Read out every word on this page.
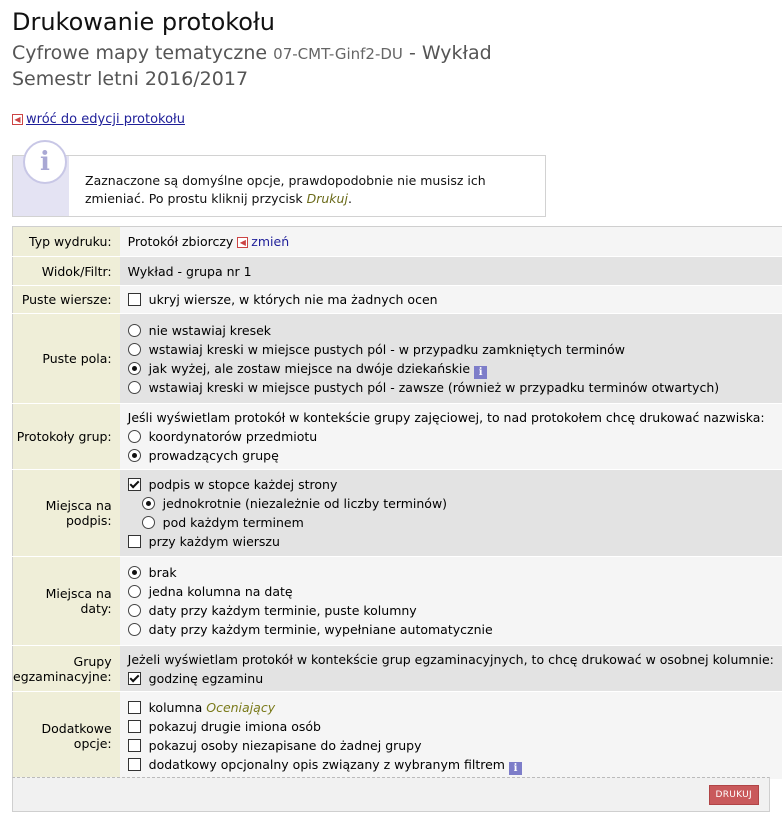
Drukowanie protokołu
Cyfrowe mapy tematyczne 07-CMT-Ginf2-DU - Wykład
Semestr letni 2016/2017
◀ wróć do edycji protokołu
i
Zaznaczone są domyślne opcje, prawdopodobnie nie musisz ich zmieniać. Po prostu kliknij przycisk Drukuj.
Typ wydruku:	Protokół zbiorczy ◀ zmień

Widok/Filtr:	Wykład - grupa nr 1
Puste wiersze:	ukryj wiersze, w których nie ma żadnych ocen

Puste pola:	nie wstawiaj kresek
wstawiaj kreski w miejsce pustych pól - w przypadku zamkniętych terminów
jak wyżej, ale zostaw miejsce na dwóje dziekańskie i
wstawiaj kreski w miejsce pustych pól - zawsze (również w przypadku terminów otwartych)

Protokoły grup:	Jeśli wyświetlam protokół w kontekście grupy zajęciowej, to nad protokołem chcę drukować nazwiska:
koordynatorów przedmiotu
prowadzących grupę

Miejsca na podpis:	podpis w stopce każdej strony
jednokrotnie (niezależnie od liczby terminów)
pod każdym terminem
przy każdym wierszu

Miejsca na daty:	brak
jedna kolumna na datę
daty przy każdym terminie, puste kolumny
daty przy każdym terminie, wypełniane automatycznie

Grupy egzaminacyjne:	Jeżeli wyświetlam protokół w kontekście grup egzaminacyjnych, to chcę drukować w osobnej kolumnie:
godzinę egzaminu

Dodatkowe opcje:	kolumna Oceniający
pokazuj drugie imiona osób
pokazuj osoby niezapisane do żadnej grupy
dodatkowy opcjonalny opis związany z wybranym filtrem i
DRUKUJ
